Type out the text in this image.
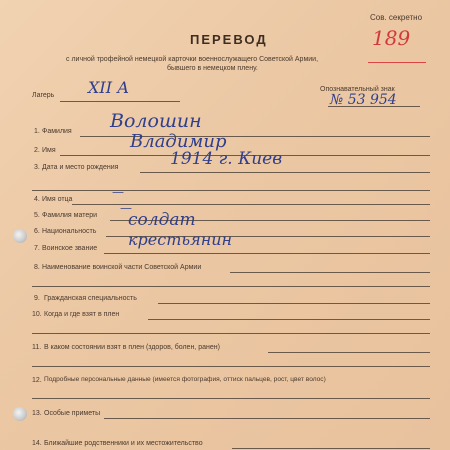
Сов. секретно
189
ПЕРЕВОД
с личной трофейной немецкой карточки военнослужащего Советской Армии,
бывшего в немецком плену.
Лагерь XII А	Опознавательный знак
№ 53 954
1. Фамилия Волошин
2. Имя	Владимир
3. Дата и место рождения	1914 г. Киев
4. Имя отца
—
5. Фамилия матери
—
6. Национальность
солдат
7. Воинское звание крестьянин
8. Наименование воинской части Советской Армии
9. Гражданская специальность
10. Когда и где взят в плен
11. В каком состоянии взят в плен (здоров, болен, ранен)
12. Подробные персональные данные (имеется фотография, оттиск пальцев, рост, цвет волос)
13. Особые приметы
14. Ближайшие родственники и их местожительство
